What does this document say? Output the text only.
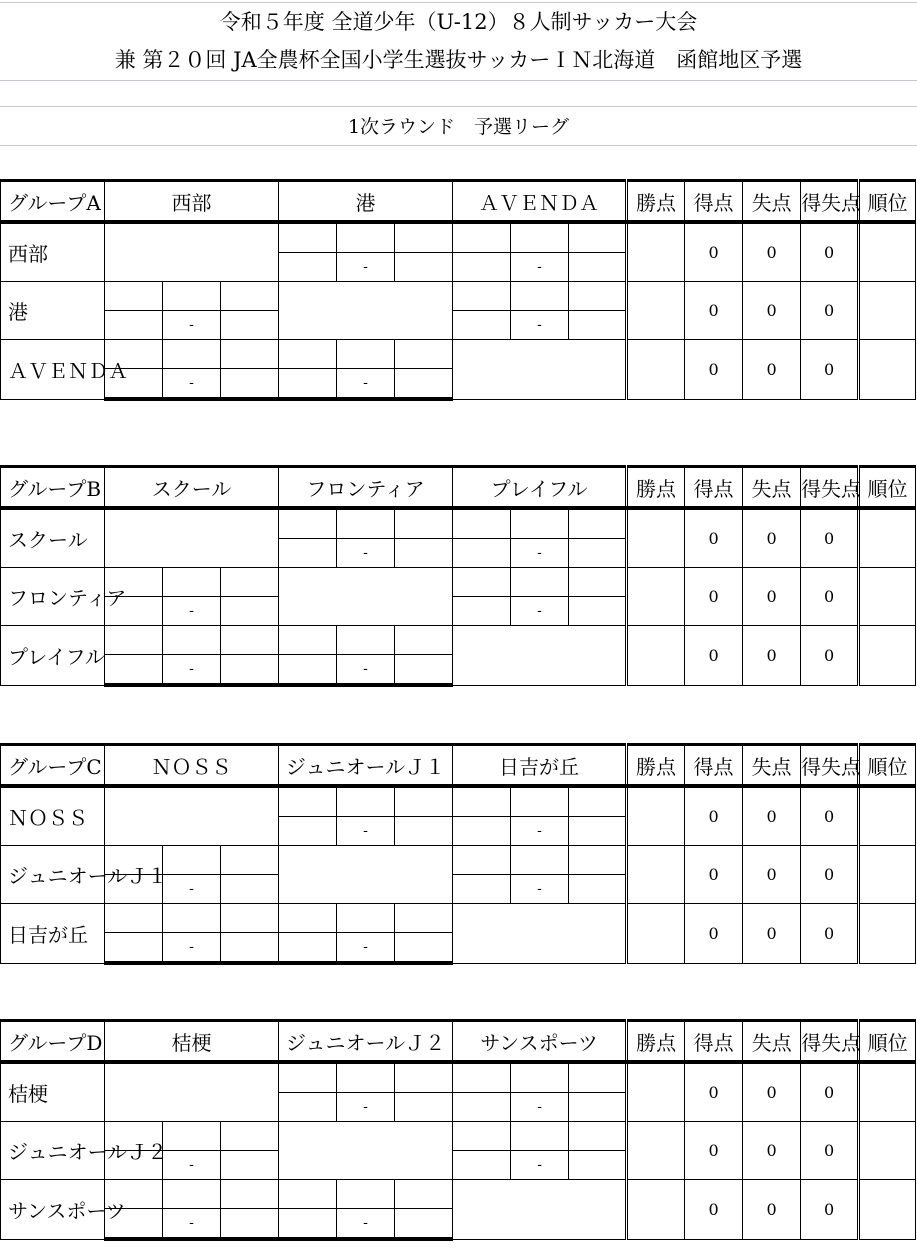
令和５年度 全道少年（U-12）８人制サッカー大会
兼 第２０回 JA全農杯全国小学生選抜サッカーＩＮ北海道　函館地区予選
1次ラウンド　予選リーグ
グループA	西部			港			ＡＶＥＮＤＡ			勝点	得点	失点	得失点	順位
西部											0	0	0	
					-			-						
港											0	0	0	
		-						-						
ＡＶＥＮＤＡ											0	0	0	
		-			-									
グループB	スクール			フロンティア			プレイフル			勝点	得点	失点	得失点	順位
スクール											0	0	0	
					-			-						
フロンティア											0	0	0	
		-						-						
プレイフル											0	0	0	
		-			-									
グループC	ＮＯＳＳ			ジュニオールＪ１			日吉が丘			勝点	得点	失点	得失点	順位
ＮＯＳＳ											0	0	0	
					-			-						
ジュニオールＪ１											0	0	0	
		-						-						
日吉が丘											0	0	0	
		-			-									
グループD	桔梗			ジュニオールＪ２			サンスポーツ			勝点	得点	失点	得失点	順位
桔梗											0	0	0	
					-			-						
ジュニオールＪ２											0	0	0	
		-						-						
サンスポーツ											0	0	0	
		-			-									
